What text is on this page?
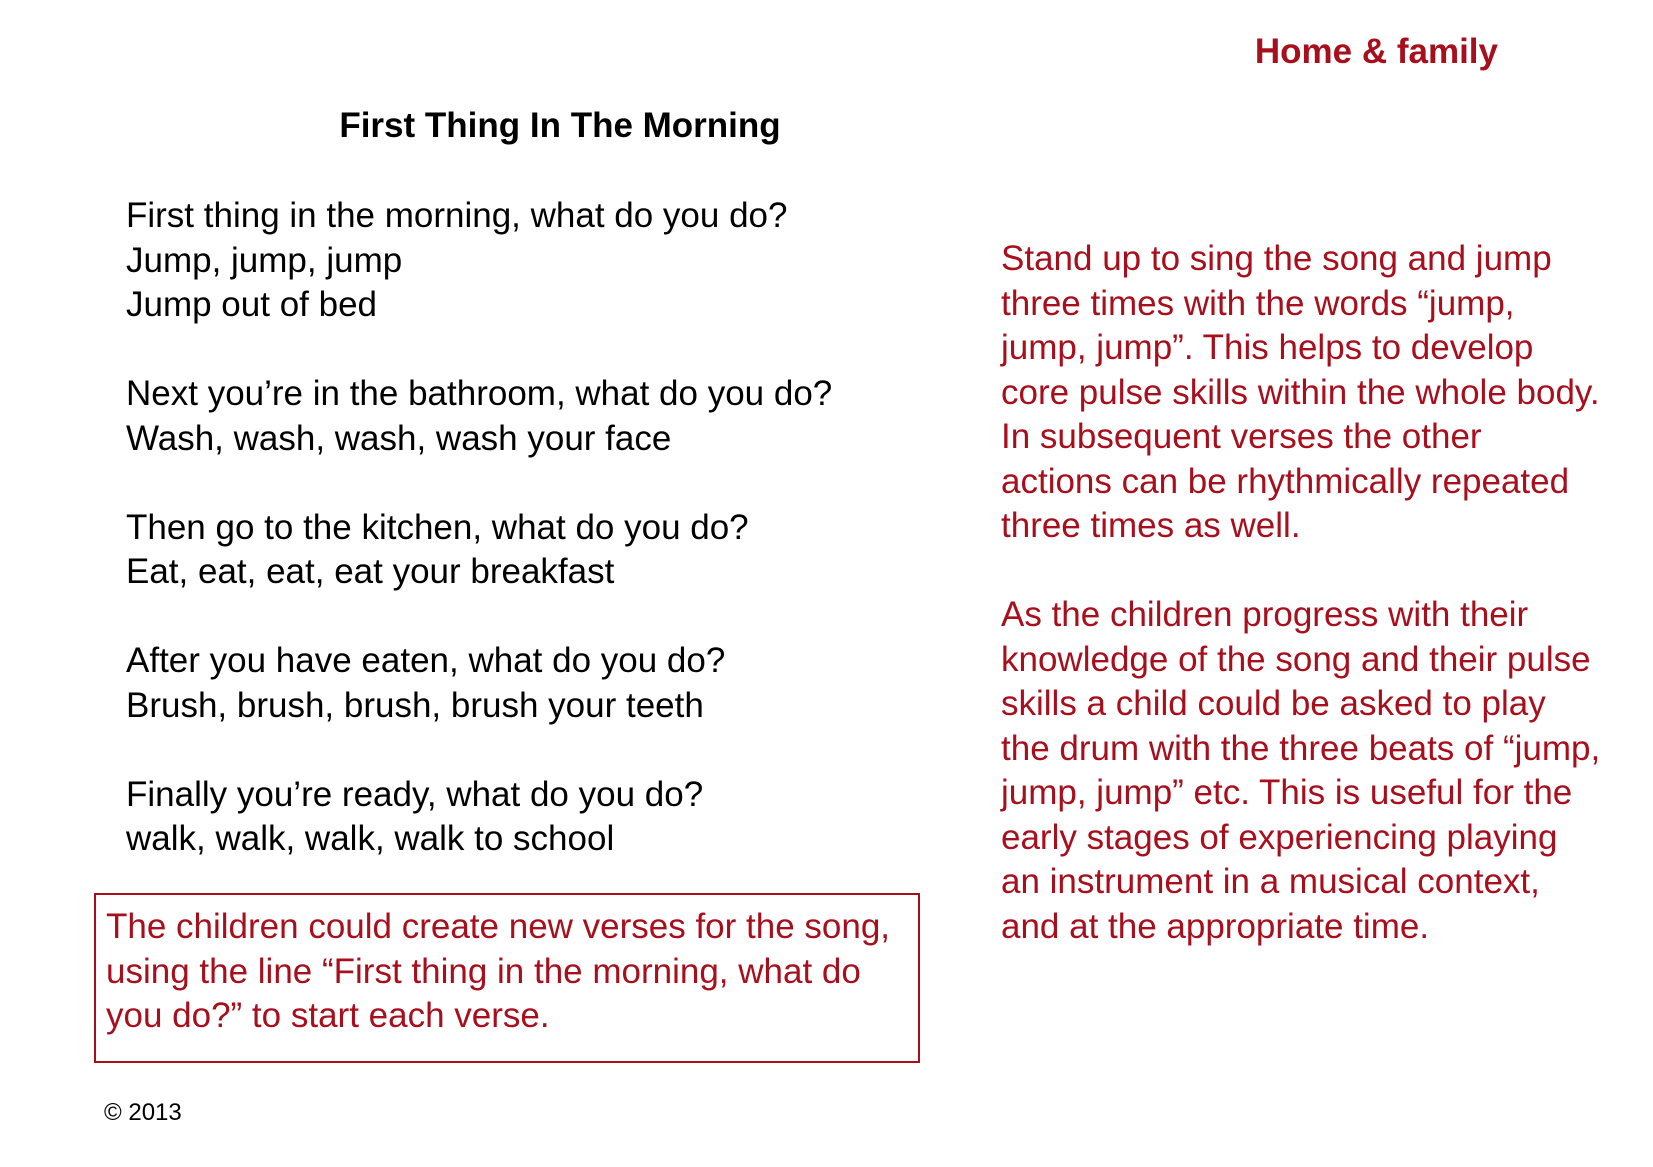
Home & family
First Thing In The Morning
First thing in the morning, what do you do?
Jump, jump, jump
Jump out of bed
Next you’re in the bathroom, what do you do?
Wash, wash, wash, wash your face
Then go to the kitchen, what do you do?
Eat, eat, eat, eat your breakfast
After you have eaten, what do you do?
Brush, brush, brush, brush your teeth
Finally you’re ready, what do you do?
walk, walk, walk, walk to school

Stand up to sing the song and jump three times with the words “jump, jump, jump”. This helps to develop core pulse skills within the whole body. In subsequent verses the other actions can be rhythmically repeated three times as well.

As the children progress with their knowledge of the song and their pulse skills a child could be asked to play the drum with the three beats of “jump, jump, jump” etc. This is useful for the early stages of experiencing playing an instrument in a musical context, and at the appropriate time.

The children could create new verses for the song, using the line “First thing in the morning, what do you do?” to start each verse.

© 2013
